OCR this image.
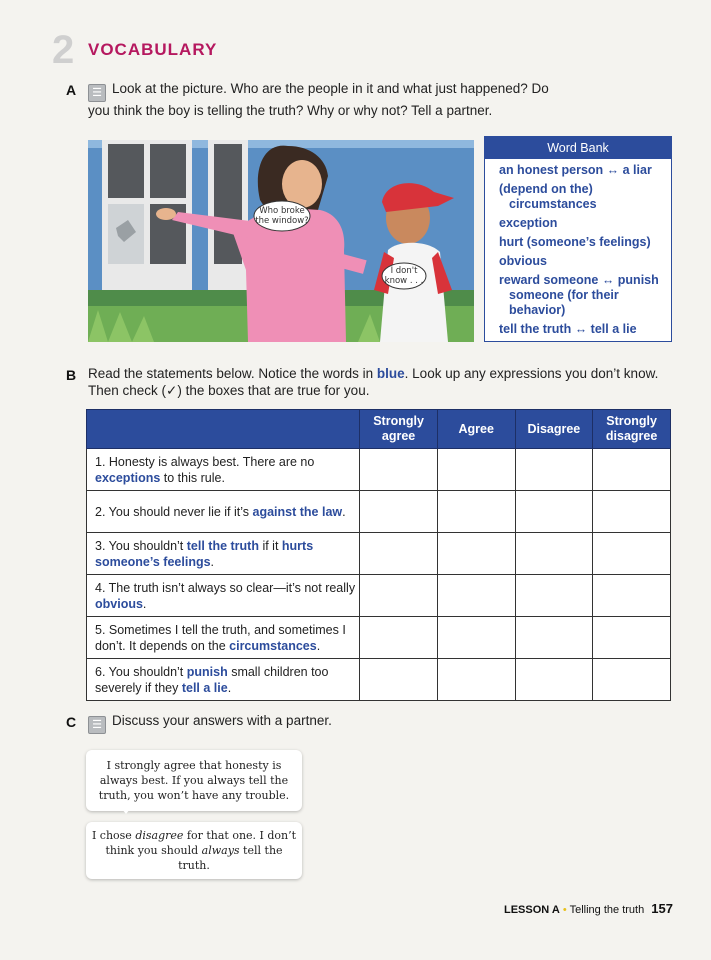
2 VOCABULARY
A	☰ Look at the picture. Who are the people in it and what just happened? Do you think the boy is telling the truth? Why or why not? Tell a partner.
Who broke
the window?
I don't
know . . .
Word Bank
an honest person ↔ a liar
(depend on the)
circumstances
exception
hurt (someone’s feelings)
obvious
reward someone ↔ punish
someone (for their behavior)
tell the truth ↔ tell a lie
B Read the statements below. Notice the words in blue. Look up any expressions you don’t know. Then check (✓) the boxes that are true for you.
	Strongly agree	Agree	Disagree	Strongly disagree
1. Honesty is always best. There are no exceptions to this rule.				
2. You should never lie if it’s against the law.				
3. You shouldn’t tell the truth if it hurts someone’s feelings.				
4. The truth isn’t always so clear—it’s not really obvious.				
5. Sometimes I tell the truth, and sometimes I don’t. It depends on the circumstances.				
6. You shouldn’t punish small children too severely if they tell a lie.				
C	☰ Discuss your answers with a partner.
I strongly agree that honesty is always best. If you always tell the truth, you won’t have any trouble.
I chose disagree for that one. I don’t think you should always tell the truth.
LESSON A • Telling the truth 157
